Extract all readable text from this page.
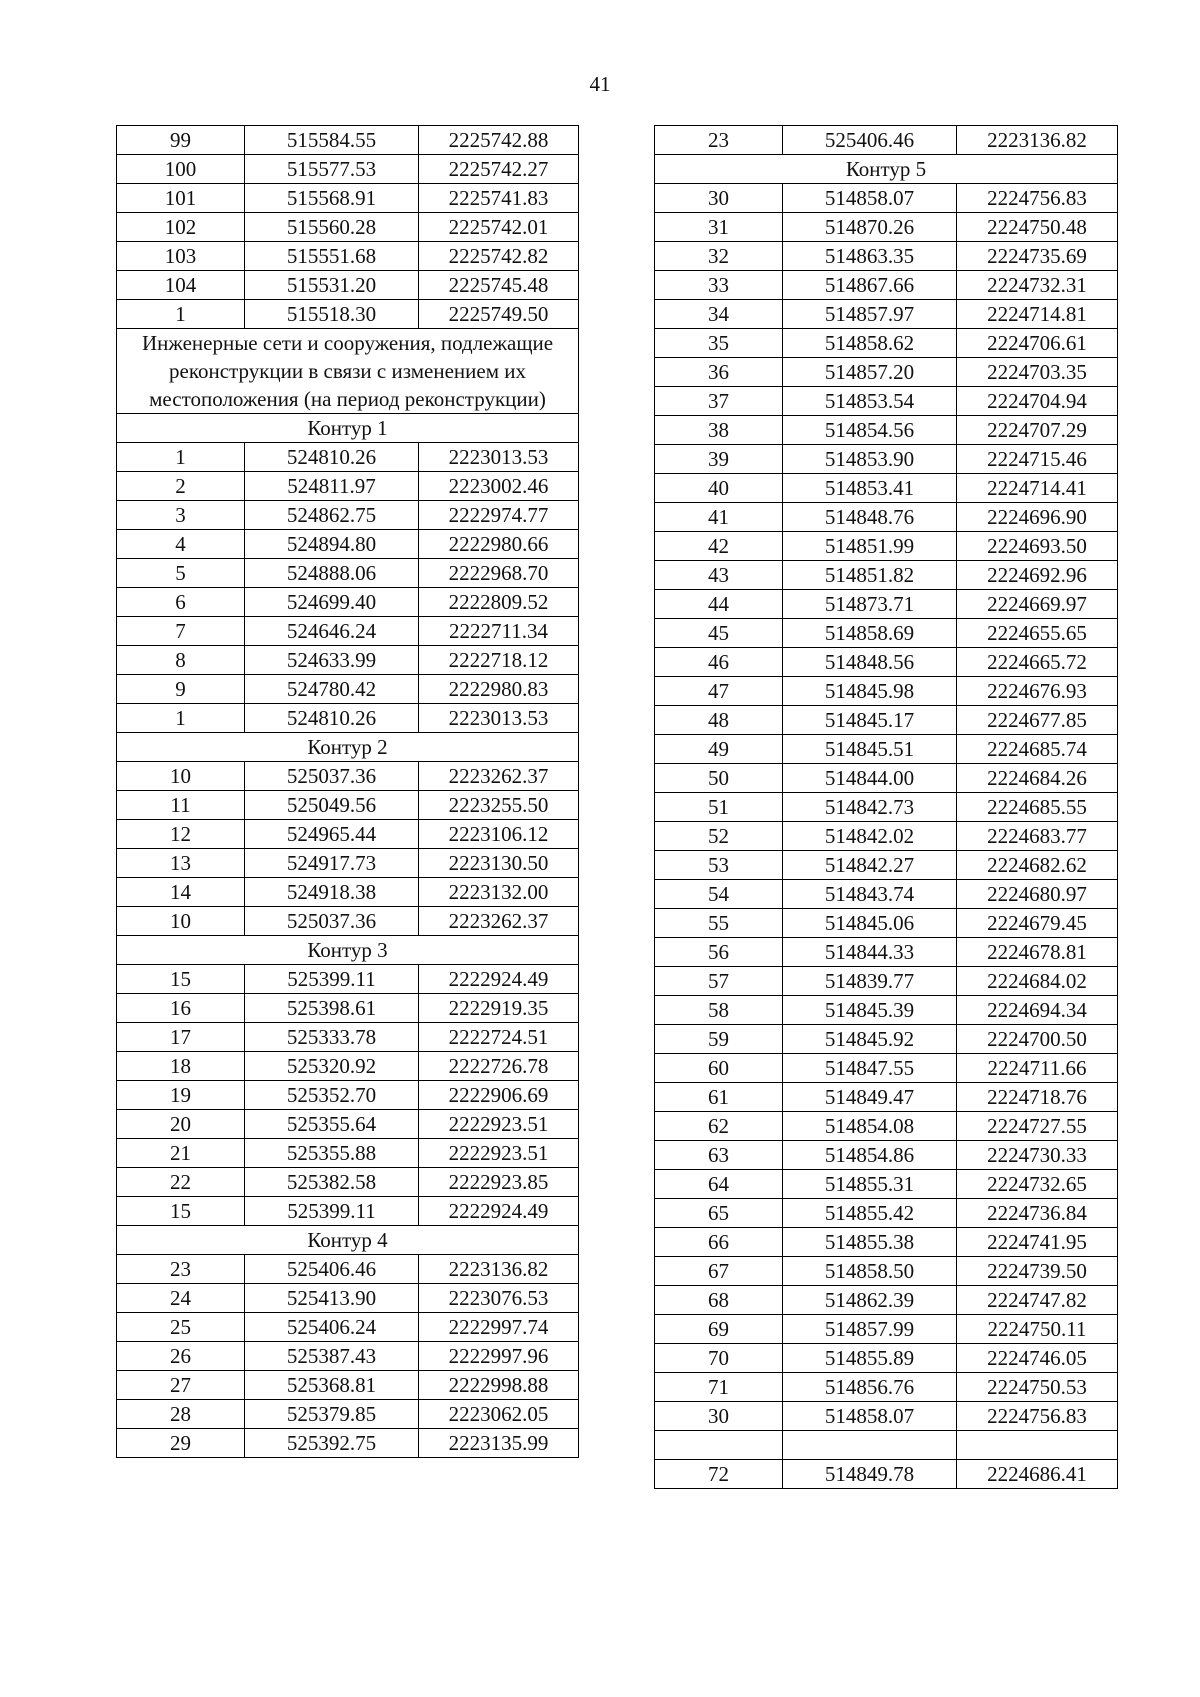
41
99	515584.55	2225742.88
100	515577.53	2225742.27
101	515568.91	2225741.83
102	515560.28	2225742.01
103	515551.68	2225742.82
104	515531.20	2225745.48
1	515518.30	2225749.50
Инженерные сети и сооружения, подлежащие реконструкции в связи с изменением их местоположения (на период реконструкции)		
Контур 1		
1	524810.26	2223013.53
2	524811.97	2223002.46
3	524862.75	2222974.77
4	524894.80	2222980.66
5	524888.06	2222968.70
6	524699.40	2222809.52
7	524646.24	2222711.34
8	524633.99	2222718.12
9	524780.42	2222980.83
1	524810.26	2223013.53
Контур 2		
10	525037.36	2223262.37
11	525049.56	2223255.50
12	524965.44	2223106.12
13	524917.73	2223130.50
14	524918.38	2223132.00
10	525037.36	2223262.37
Контур 3		
15	525399.11	2222924.49
16	525398.61	2222919.35
17	525333.78	2222724.51
18	525320.92	2222726.78
19	525352.70	2222906.69
20	525355.64	2222923.51
21	525355.88	2222923.51
22	525382.58	2222923.85
15	525399.11	2222924.49
Контур 4		
23	525406.46	2223136.82
24	525413.90	2223076.53
25	525406.24	2222997.74
26	525387.43	2222997.96
27	525368.81	2222998.88
28	525379.85	2223062.05
29	525392.75	2223135.99
23	525406.46	2223136.82
Контур 5		
30	514858.07	2224756.83
31	514870.26	2224750.48
32	514863.35	2224735.69
33	514867.66	2224732.31
34	514857.97	2224714.81
35	514858.62	2224706.61
36	514857.20	2224703.35
37	514853.54	2224704.94
38	514854.56	2224707.29
39	514853.90	2224715.46
40	514853.41	2224714.41
41	514848.76	2224696.90
42	514851.99	2224693.50
43	514851.82	2224692.96
44	514873.71	2224669.97
45	514858.69	2224655.65
46	514848.56	2224665.72
47	514845.98	2224676.93
48	514845.17	2224677.85
49	514845.51	2224685.74
50	514844.00	2224684.26
51	514842.73	2224685.55
52	514842.02	2224683.77
53	514842.27	2224682.62
54	514843.74	2224680.97
55	514845.06	2224679.45
56	514844.33	2224678.81
57	514839.77	2224684.02
58	514845.39	2224694.34
59	514845.92	2224700.50
60	514847.55	2224711.66
61	514849.47	2224718.76
62	514854.08	2224727.55
63	514854.86	2224730.33
64	514855.31	2224732.65
65	514855.42	2224736.84
66	514855.38	2224741.95
67	514858.50	2224739.50
68	514862.39	2224747.82
69	514857.99	2224750.11
70	514855.89	2224746.05
71	514856.76	2224750.53
30	514858.07	2224756.83

72	514849.78	2224686.41
